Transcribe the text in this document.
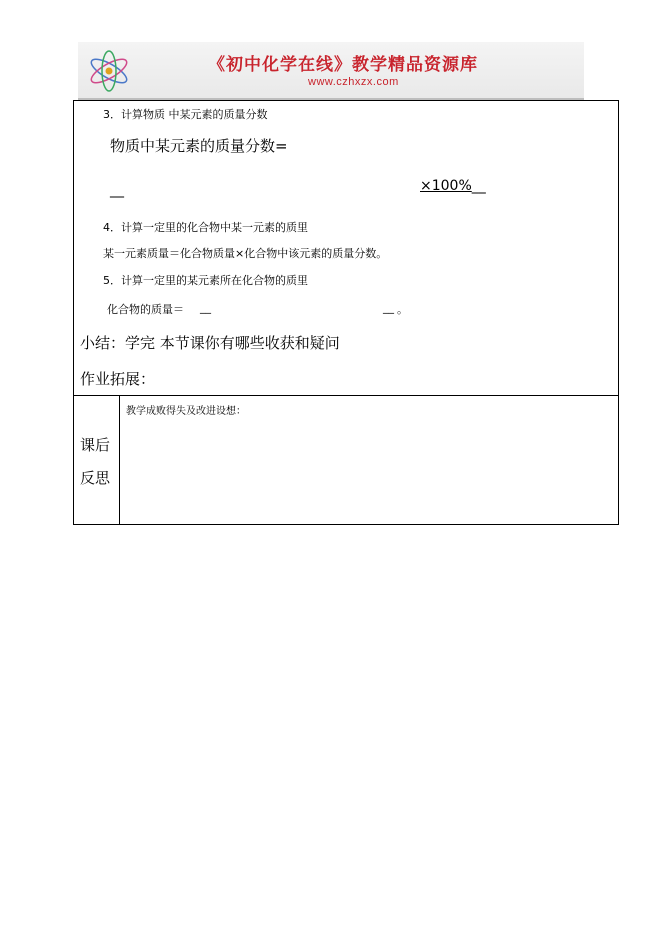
《初中化学在线》教学精品资源库
www.czhxzx.com
3．计算物质 中某元素的质量分数
物质中某元素的质量分数=
__	×100%__
4．计算一定里的化合物中某一元素的质里
某一元素质量＝化合物质量×化合物中该元素的质量分数。
5．计算一定里的某元素所在化合物的质里
化合物的质量＝ __	__ 。
小结：学完 本节课你有哪些收获和疑问
作业拓展：
课后
反思
教学成败得失及改进设想：
